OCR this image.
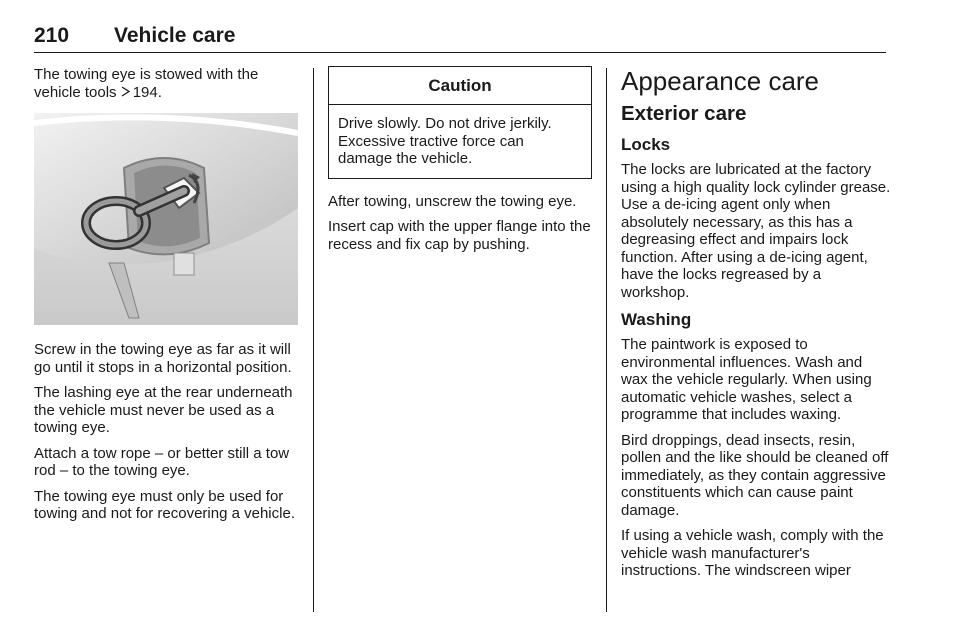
210 Vehicle care

The towing eye is stowed with the vehicle tools 194.

Screw in the towing eye as far as it will go until it stops in a horizontal position.

The lashing eye at the rear underneath the vehicle must never be used as a towing eye.

Attach a tow rope – or better still a tow rod – to the towing eye.

The towing eye must only be used for towing and not for recovering a vehicle.

Caution

Drive slowly. Do not drive jerkily. Excessive tractive force can damage the vehicle.

After towing, unscrew the towing eye.

Insert cap with the upper flange into the recess and fix cap by pushing.

Appearance care
Exterior care
Locks

The locks are lubricated at the factory using a high quality lock cylinder grease. Use a de-icing agent only when absolutely necessary, as this has a degreasing effect and impairs lock function. After using a de-icing agent, have the locks regreased by a workshop.

Washing

The paintwork is exposed to environmental influences. Wash and wax the vehicle regularly. When using automatic vehicle washes, select a programme that includes waxing.

Bird droppings, dead insects, resin, pollen and the like should be cleaned off immediately, as they contain aggressive constituents which can cause paint damage.

If using a vehicle wash, comply with the vehicle wash manufacturer's instructions. The windscreen wiper
